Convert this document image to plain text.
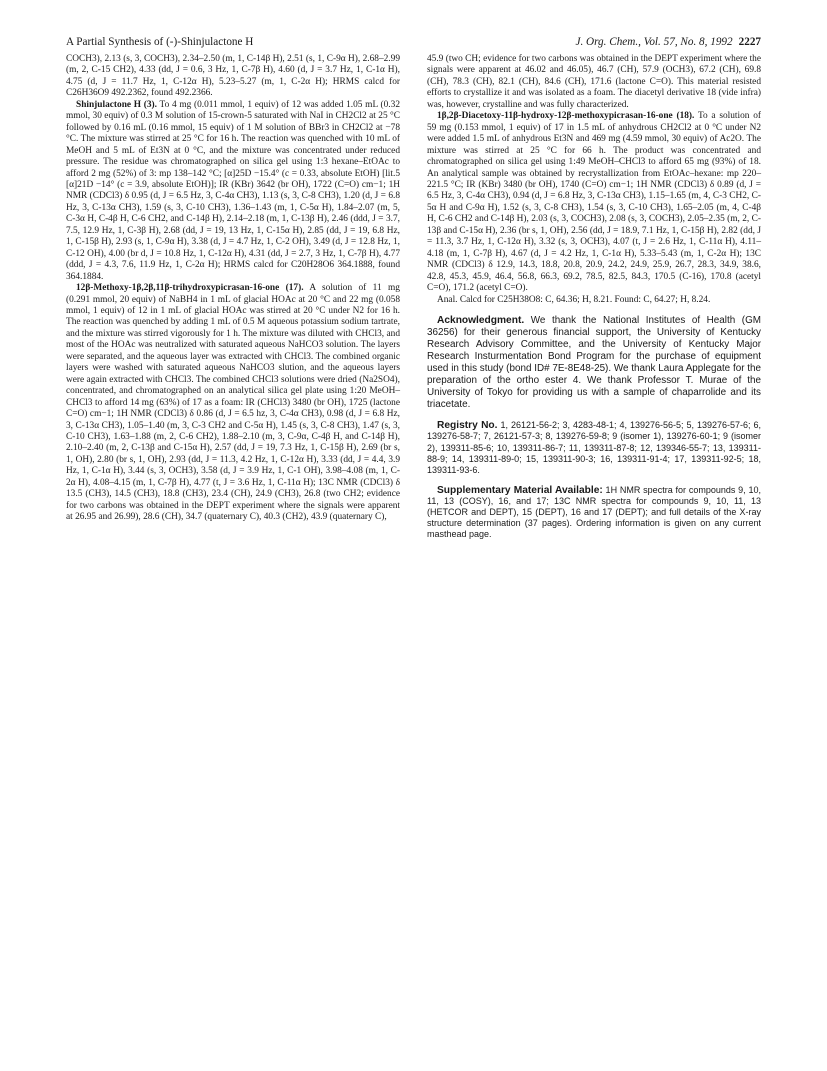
A Partial Synthesis of (-)-Shinjulactone H	J. Org. Chem., Vol. 57, No. 8, 1992 2227

COCH3), 2.13 (s, 3, COCH3), 2.34–2.50 (m, 1, C-14β H), 2.51 (s, 1, C-9α H), 2.68–2.99 (m, 2, C-15 CH2), 4.33 (dd, J = 0.6, 3 Hz, 1, C-7β H), 4.60 (d, J = 3.7 Hz, 1, C-1α H), 4.75 (d, J = 11.7 Hz, 1, C-12α H), 5.23–5.27 (m, 1, C-2α H); HRMS calcd for C26H36O9 492.2362, found 492.2366.

Shinjulactone H (3). To 4 mg (0.011 mmol, 1 equiv) of 12 was added 1.05 mL (0.32 mmol, 30 equiv) of 0.3 M solution of 15-crown-5 saturated with NaI in CH2Cl2 at 25 °C followed by 0.16 mL (0.16 mmol, 15 equiv) of 1 M solution of BBr3 in CH2Cl2 at −78 °C. The mixture was stirred at 25 °C for 16 h. The reaction was quenched with 10 mL of MeOH and 5 mL of Et3N at 0 °C, and the mixture was concentrated under reduced pressure. The residue was chromatographed on silica gel using 1:3 hexane–EtOAc to afford 2 mg (52%) of 3: mp 138–142 °C; [α]25D −15.4° (c = 0.33, absolute EtOH) [lit.5 [α]21D −14° (c = 3.9, absolute EtOH)]; IR (KBr) 3642 (br OH), 1722 (C=O) cm−1; 1H NMR (CDCl3) δ 0.95 (d, J = 6.5 Hz, 3, C-4α CH3), 1.13 (s, 3, C-8 CH3), 1.20 (d, J = 6.8 Hz, 3, C-13α CH3), 1.59 (s, 3, C-10 CH3), 1.36–1.43 (m, 1, C-5α H), 1.84–2.07 (m, 5, C-3α H, C-4β H, C-6 CH2, and C-14β H), 2.14–2.18 (m, 1, C-13β H), 2.46 (ddd, J = 3.7, 7.5, 12.9 Hz, 1, C-3β H), 2.68 (dd, J = 19, 13 Hz, 1, C-15α H), 2.85 (dd, J = 19, 6.8 Hz, 1, C-15β H), 2.93 (s, 1, C-9α H), 3.38 (d, J = 4.7 Hz, 1, C-2 OH), 3.49 (d, J = 12.8 Hz, 1, C-12 OH), 4.00 (br d, J = 10.8 Hz, 1, C-12α H), 4.31 (dd, J = 2.7, 3 Hz, 1, C-7β H), 4.77 (ddd, J = 4.3, 7.6, 11.9 Hz, 1, C-2α H); HRMS calcd for C20H28O6 364.1888, found 364.1884.

12β-Methoxy-1β,2β,11β-trihydroxypicrasan-16-one (17). A solution of 11 mg (0.291 mmol, 20 equiv) of NaBH4 in 1 mL of glacial HOAc at 20 °C and 22 mg (0.058 mmol, 1 equiv) of 12 in 1 mL of glacial HOAc was stirred at 20 °C under N2 for 16 h. The reaction was quenched by adding 1 mL of 0.5 M aqueous potassium sodium tartrate, and the mixture was stirred vigorously for 1 h. The mixture was diluted with CHCl3, and most of the HOAc was neutralized with saturated aqueous NaHCO3 solution. The layers were separated, and the aqueous layer was extracted with CHCl3. The combined organic layers were washed with saturated aqueous NaHCO3 slution, and the aqueous layers were again extracted with CHCl3. The combined CHCl3 solutions were dried (Na2SO4), concentrated, and chromatographed on an analytical silica gel plate using 1:20 MeOH–CHCl3 to afford 14 mg (63%) of 17 as a foam: IR (CHCl3) 3480 (br OH), 1725 (lactone C=O) cm−1; 1H NMR (CDCl3) δ 0.86 (d, J = 6.5 hz, 3, C-4α CH3), 0.98 (d, J = 6.8 Hz, 3, C-13α CH3), 1.05–1.40 (m, 3, C-3 CH2 and C-5α H), 1.45 (s, 3, C-8 CH3), 1.47 (s, 3, C-10 CH3), 1.63–1.88 (m, 2, C-6 CH2), 1.88–2.10 (m, 3, C-9α, C-4β H, and C-14β H), 2.10–2.40 (m, 2, C-13β and C-15α H), 2.57 (dd, J = 19, 7.3 Hz, 1, C-15β H), 2.69 (br s, 1, OH), 2.80 (br s, 1, OH), 2.93 (dd, J = 11.3, 4.2 Hz, 1, C-12α H), 3.33 (dd, J = 4.4, 3.9 Hz, 1, C-1α H), 3.44 (s, 3, OCH3), 3.58 (d, J = 3.9 Hz, 1, C-1 OH), 3.98–4.08 (m, 1, C-2α H), 4.08–4.15 (m, 1, C-7β H), 4.77 (t, J = 3.6 Hz, 1, C-11α H); 13C NMR (CDCl3) δ 13.5 (CH3), 14.5 (CH3), 18.8 (CH3), 23.4 (CH), 24.9 (CH3), 26.8 (two CH2; evidence for two carbons was obtained in the DEPT experiment where the signals were apparent at 26.95 and 26.99), 28.6 (CH), 34.7 (quaternary C), 40.3 (CH2), 43.9 (quaternary C),

45.9 (two CH; evidence for two carbons was obtained in the DEPT experiment where the signals were apparent at 46.02 and 46.05), 46.7 (CH), 57.9 (OCH3), 67.2 (CH), 69.8 (CH), 78.3 (CH), 82.1 (CH), 84.6 (CH), 171.6 (lactone C=O). This material resisted efforts to crystallize it and was isolated as a foam. The diacetyl derivative 18 (vide infra) was, however, crystalline and was fully characterized.

1β,2β-Diacetoxy-11β-hydroxy-12β-methoxypicrasan-16-one (18). To a solution of 59 mg (0.153 mmol, 1 equiv) of 17 in 1.5 mL of anhydrous CH2Cl2 at 0 °C under N2 were added 1.5 mL of anhydrous Et3N and 469 mg (4.59 mmol, 30 equiv) of Ac2O. The mixture was stirred at 25 °C for 66 h. The product was concentrated and chromatographed on silica gel using 1:49 MeOH–CHCl3 to afford 65 mg (93%) of 18. An analytical sample was obtained by recrystallization from EtOAc–hexane: mp 220–221.5 °C; IR (KBr) 3480 (br OH), 1740 (C=O) cm−1; 1H NMR (CDCl3) δ 0.89 (d, J = 6.5 Hz, 3, C-4α CH3), 0.94 (d, J = 6.8 Hz, 3, C-13α CH3), 1.15–1.65 (m, 4, C-3 CH2, C-5α H and C-9α H), 1.52 (s, 3, C-8 CH3), 1.54 (s, 3, C-10 CH3), 1.65–2.05 (m, 4, C-4β H, C-6 CH2 and C-14β H), 2.03 (s, 3, COCH3), 2.08 (s, 3, COCH3), 2.05–2.35 (m, 2, C-13β and C-15α H), 2.36 (br s, 1, OH), 2.56 (dd, J = 18.9, 7.1 Hz, 1, C-15β H), 2.82 (dd, J = 11.3, 3.7 Hz, 1, C-12α H), 3.32 (s, 3, OCH3), 4.07 (t, J = 2.6 Hz, 1, C-11α H), 4.11–4.18 (m, 1, C-7β H), 4.67 (d, J = 4.2 Hz, 1, C-1α H), 5.33–5.43 (m, 1, C-2α H); 13C NMR (CDCl3) δ 12.9, 14.3, 18.8, 20.8, 20.9, 24.2, 24.9, 25.9, 26.7, 28.3, 34.9, 38.6, 42.8, 45.3, 45.9, 46.4, 56.8, 66.3, 69.2, 78.5, 82.5, 84.3, 170.5 (C-16), 170.8 (acetyl C=O), 171.2 (acetyl C=O).

Anal. Calcd for C25H38O8: C, 64.36; H, 8.21. Found: C, 64.27; H, 8.24.

Acknowledgment. We thank the National Institutes of Health (GM 36256) for their generous financial support, the University of Kentucky Research Advisory Committee, and the University of Kentucky Major Research Insturmentation Bond Program for the purchase of equipment used in this study (bond ID# 7E-8E48-25). We thank Laura Applegate for the preparation of the ortho ester 4. We thank Professor T. Murae of the University of Tokyo for providing us with a sample of chaparrolide and its triacetate.

Registry No. 1, 26121-56-2; 3, 4283-48-1; 4, 139276-56-5; 5, 139276-57-6; 6, 139276-58-7; 7, 26121-57-3; 8, 139276-59-8; 9 (isomer 1), 139276-60-1; 9 (isomer 2), 139311-85-6; 10, 139311-86-7; 11, 139311-87-8; 12, 139346-55-7; 13, 139311-88-9; 14, 139311-89-0; 15, 139311-90-3; 16, 139311-91-4; 17, 139311-92-5; 18, 139311-93-6.

Supplementary Material Available: 1H NMR spectra for compounds 9, 10, 11, 13 (COSY), 16, and 17; 13C NMR spectra for compounds 9, 10, 11, 13 (HETCOR and DEPT), 15 (DEPT), 16 and 17 (DEPT); and full details of the X-ray structure determination (37 pages). Ordering information is given on any current masthead page.
